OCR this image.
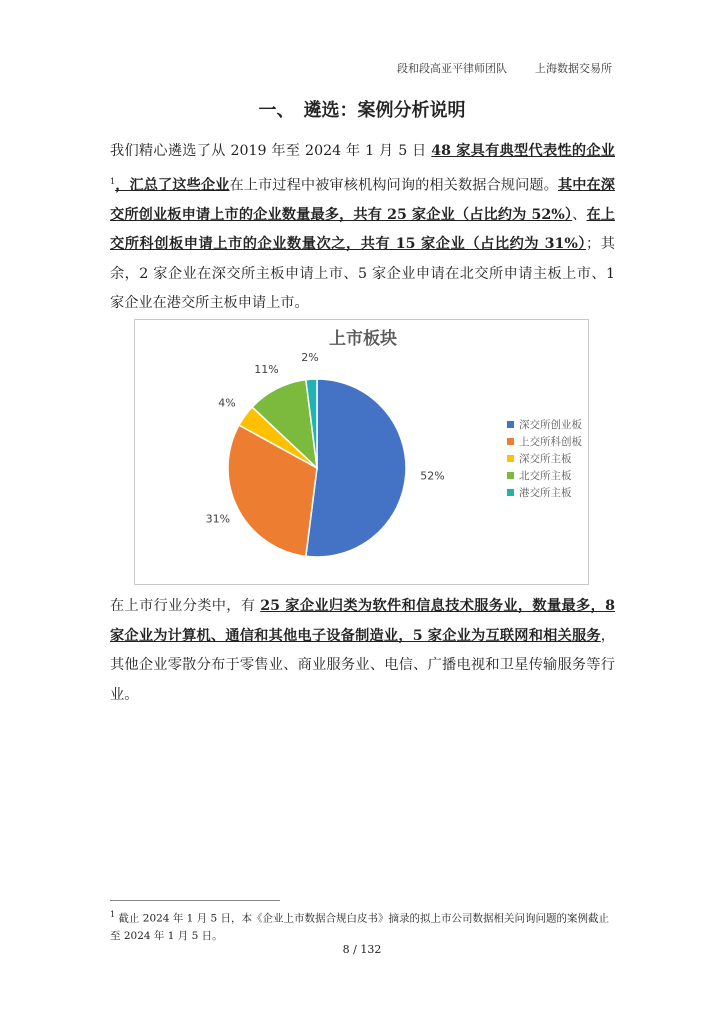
段和段高亚平律师团队	上海数据交易所
一、　遴选：案例分析说明
我们精心遴选了从 2019 年至 2024 年 1 月 5 日 48 家具有典型代表性的企业$^1$，汇总了这些企业在上市过程中被审核机构问询的相关数据合规问题。其中在深交所创业板申请上市的企业数量最多，共有 25 家企业（占比约为 52%）、在上交所科创板申请上市的企业数量次之，共有 15 家企业（占比约为 31%）；其余，2 家企业在深交所主板申请上市、5 家企业申请在北交所申请主板上市、1 家企业在港交所主板申请上市。
上市板块
52%
31%
4%
11%
2%
深交所创业板
上交所科创板
深交所主板
北交所主板
港交所主板
在上市行业分类中，有 25 家企业归类为软件和信息技术服务业，数量最多，8 家企业为计算机、通信和其他电子设备制造业，5 家企业为互联网和相关服务，其他企业零散分布于零售业、商业服务业、电信、广播电视和卫星传输服务等行业。
$^1$ 截止 2024 年 1 月 5 日，本《企业上市数据合规白皮书》摘录的拟上市公司数据相关问询问题的案例截止至 2024 年 1 月 5 日。
8 / 132
